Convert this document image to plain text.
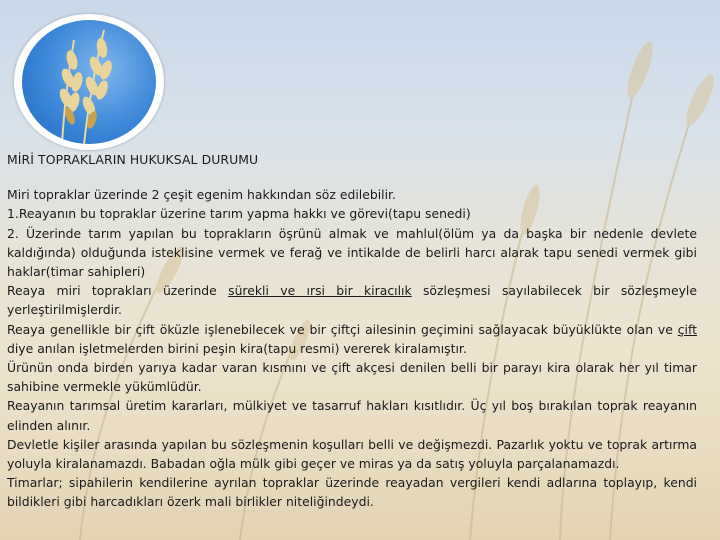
MİRİ TOPRAKLARIN HUKUKSAL DURUMU

Miri topraklar üzerinde 2 çeşit egenim hakkından söz edilebilir.

1.Reayanın bu topraklar üzerine tarım yapma hakkı ve görevi(tapu senedi)

2. Üzerinde tarım yapılan bu toprakların öşrünü almak ve mahlul(ölüm ya da başka bir nedenle devlete kaldığında) olduğunda isteklisine vermek ve ferağ ve intikalde de belirli harcı alarak tapu senedi vermek gibi haklar(timar sahipleri)

Reaya miri toprakları üzerinde sürekli ve ırsi bir kiracılık sözleşmesi sayılabilecek bir sözleşmeyle yerleştirilmişlerdir.

Reaya genellikle bir çift öküzle işlenebilecek ve bir çiftçi ailesinin geçimini sağlayacak büyüklükte olan ve çift diye anılan işletmelerden birini peşin kira(tapu resmi) vererek kiralamıştır.

Ürünün onda birden yarıya kadar varan kısmını ve çift akçesi denilen belli bir parayı kira olarak her yıl timar sahibine vermekle yükümlüdür.

Reayanın tarımsal üretim kararları, mülkiyet ve tasarruf hakları kısıtlıdır. Üç yıl boş bırakılan toprak reayanın elinden alınır.

Devletle kişiler arasında yapılan bu sözleşmenin koşulları belli ve değişmezdi. Pazarlık yoktu ve toprak artırma yoluyla kiralanamazdı. Babadan oğla mülk gibi geçer ve miras ya da satış yoluyla parçalanamazdı.

Timarlar; sipahilerin kendilerine ayrılan topraklar üzerinde reayadan vergileri kendi adlarına toplayıp, kendi bildikleri gibi harcadıkları özerk mali birlikler niteliğindeydi.
